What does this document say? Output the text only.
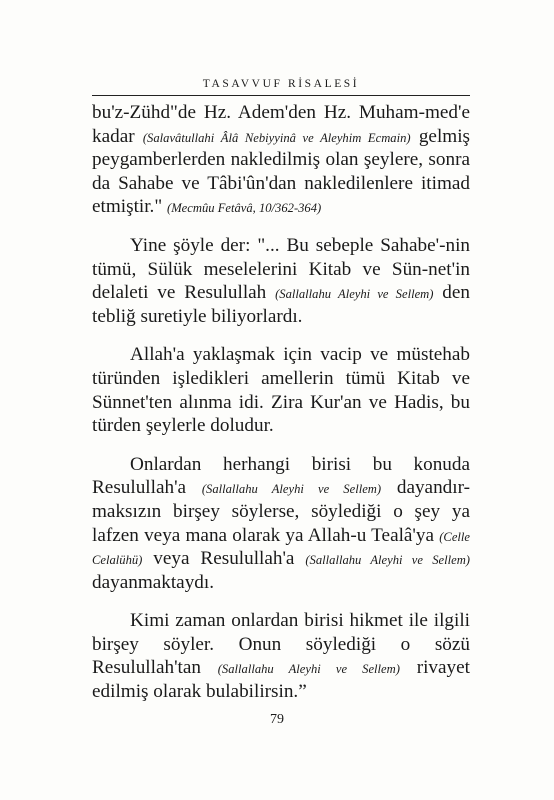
TASAVVUF RİSALESİ

bu'z-Zühd"de Hz. Adem'den Hz. Muham-med'e kadar (Salavâtullahi Âlâ Nebiyyinâ ve Aleyhim Ecmain) gelmiş peygamberlerden nakledilmiş olan şeylere, sonra da Sahabe ve Tâbi'ûn'dan nakledilenlere itimad etmiştir." (Mecmûu Fetâvâ, 10/362-364)

Yine şöyle der: "... Bu sebeple Sahabe'-nin tümü, Sülük meselelerini Kitab ve Sün-net'in delaleti ve Resulullah (Sallallahu Aleyhi ve Sellem) den tebliğ suretiyle biliyorlardı.

Allah'a yaklaşmak için vacip ve müstehab türünden işledikleri amellerin tümü Kitab ve Sünnet'ten alınma idi. Zira Kur'an ve Hadis, bu türden şeylerle doludur.

Onlardan herhangi birisi bu konuda Resulullah'a (Sallallahu Aleyhi ve Sellem) dayandır-maksızın birşey söylerse, söylediği o şey ya lafzen veya mana olarak ya Allah-u Tealâ'ya (Celle Celalühü) veya Resulullah'a (Sallallahu Aleyhi ve Sellem) dayanmaktaydı.

Kimi zaman onlardan birisi hikmet ile ilgili birşey söyler. Onun söylediği o sözü Resulullah'tan (Sallallahu Aleyhi ve Sellem) rivayet edilmiş olarak bulabilirsin.”

79
